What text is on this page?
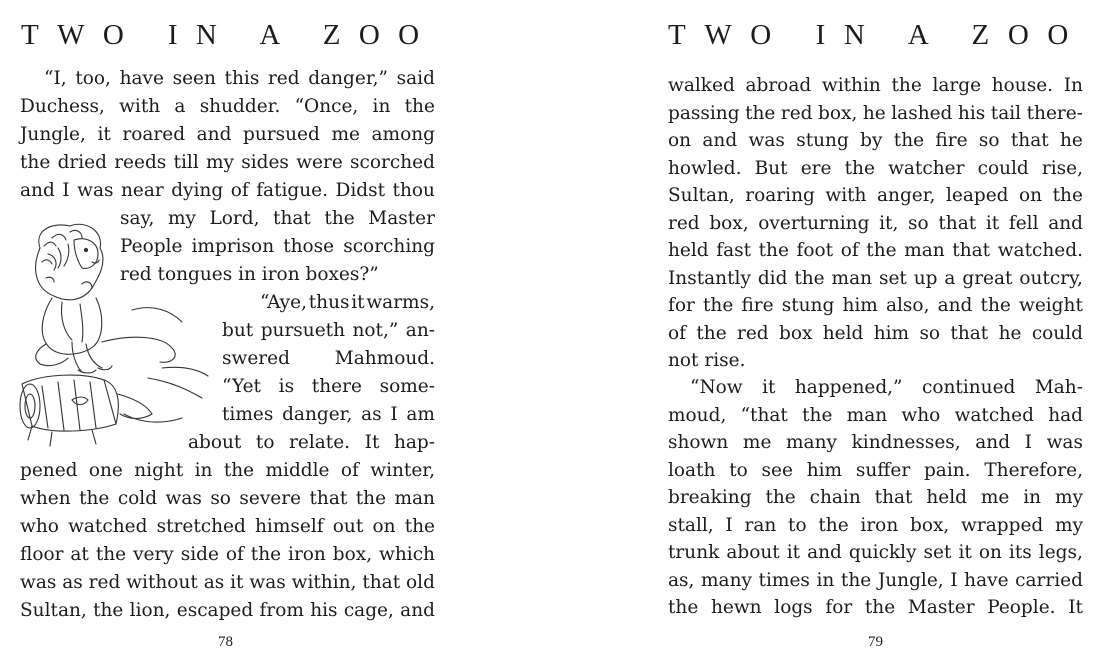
TWO IN A ZOO
“I, too, have seen this red danger,” said
Duchess, with a shudder. “Once, in the
Jungle, it roared and pursued me among
the dried reeds till my sides were scorched
and I was near dying of fatigue. Didst thou
say, my Lord, that the Master
People imprison those scorching
red tongues in iron boxes?”
“Aye, thus it warms,
but pursueth not,” an-
swered Mahmoud.
“Yet is there some-
times danger, as I am
about to relate. It hap-
pened one night in the middle of winter,
when the cold was so severe that the man
who watched stretched himself out on the
floor at the very side of the iron box, which
was as red without as it was within, that old
Sultan, the lion, escaped from his cage, and
78
TWO IN A ZOO
walked abroad within the large house. In
passing the red box, he lashed his tail there-
on and was stung by the fire so that he
howled. But ere the watcher could rise,
Sultan, roaring with anger, leaped on the
red box, overturning it, so that it fell and
held fast the foot of the man that watched.
Instantly did the man set up a great outcry,
for the fire stung him also, and the weight
of the red box held him so that he could
not rise.
“Now it happened,” continued Mah-
moud, “that the man who watched had
shown me many kindnesses, and I was
loath to see him suffer pain. Therefore,
breaking the chain that held me in my
stall, I ran to the iron box, wrapped my
trunk about it and quickly set it on its legs,
as, many times in the Jungle, I have carried
the hewn logs for the Master People. It
79
